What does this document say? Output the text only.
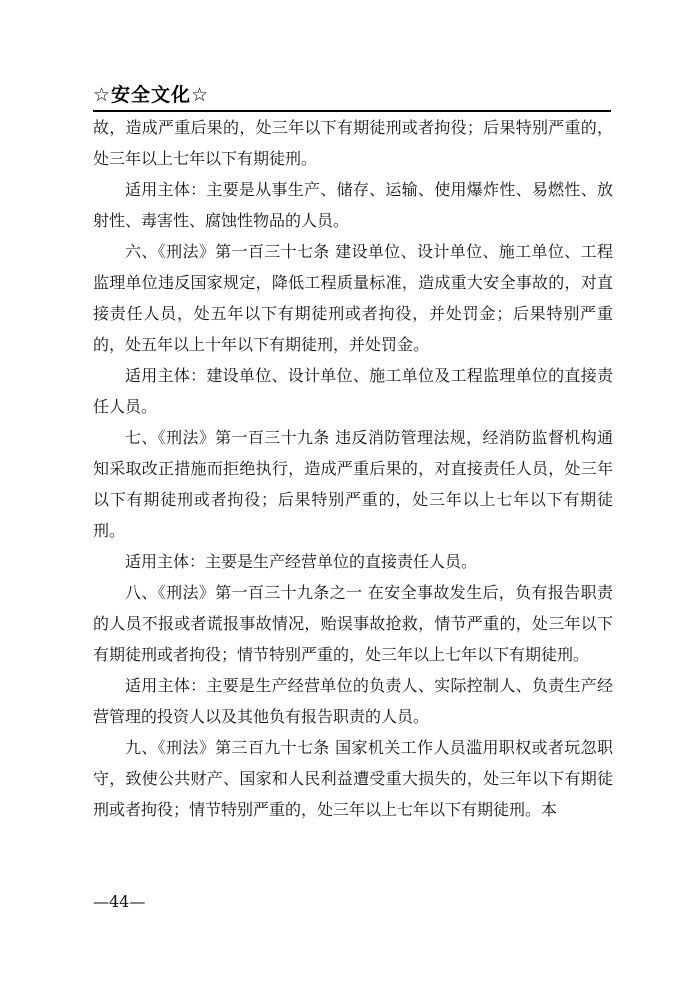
☆安全文化☆

故，造成严重后果的，处三年以下有期徒刑或者拘役；后果特别严重的，处三年以上七年以下有期徒刑。

适用主体：主要是从事生产、储存、运输、使用爆炸性、易燃性、放射性、毒害性、腐蚀性物品的人员。

六、《刑法》第一百三十七条 建设单位、设计单位、施工单位、工程监理单位违反国家规定，降低工程质量标准，造成重大安全事故的，对直接责任人员，处五年以下有期徒刑或者拘役，并处罚金；后果特别严重的，处五年以上十年以下有期徒刑，并处罚金。

适用主体：建设单位、设计单位、施工单位及工程监理单位的直接责任人员。

七、《刑法》第一百三十九条 违反消防管理法规，经消防监督机构通知采取改正措施而拒绝执行，造成严重后果的，对直接责任人员，处三年以下有期徒刑或者拘役；后果特别严重的，处三年以上七年以下有期徒刑。

适用主体：主要是生产经营单位的直接责任人员。

八、《刑法》第一百三十九条之一 在安全事故发生后，负有报告职责的人员不报或者谎报事故情况，贻误事故抢救，情节严重的，处三年以下有期徒刑或者拘役；情节特别严重的，处三年以上七年以下有期徒刑。

适用主体：主要是生产经营单位的负责人、实际控制人、负责生产经营管理的投资人以及其他负有报告职责的人员。

九、《刑法》第三百九十七条 国家机关工作人员滥用职权或者玩忽职守，致使公共财产、国家和人民利益遭受重大损失的，处三年以下有期徒刑或者拘役；情节特别严重的，处三年以上七年以下有期徒刑。本

—44—
